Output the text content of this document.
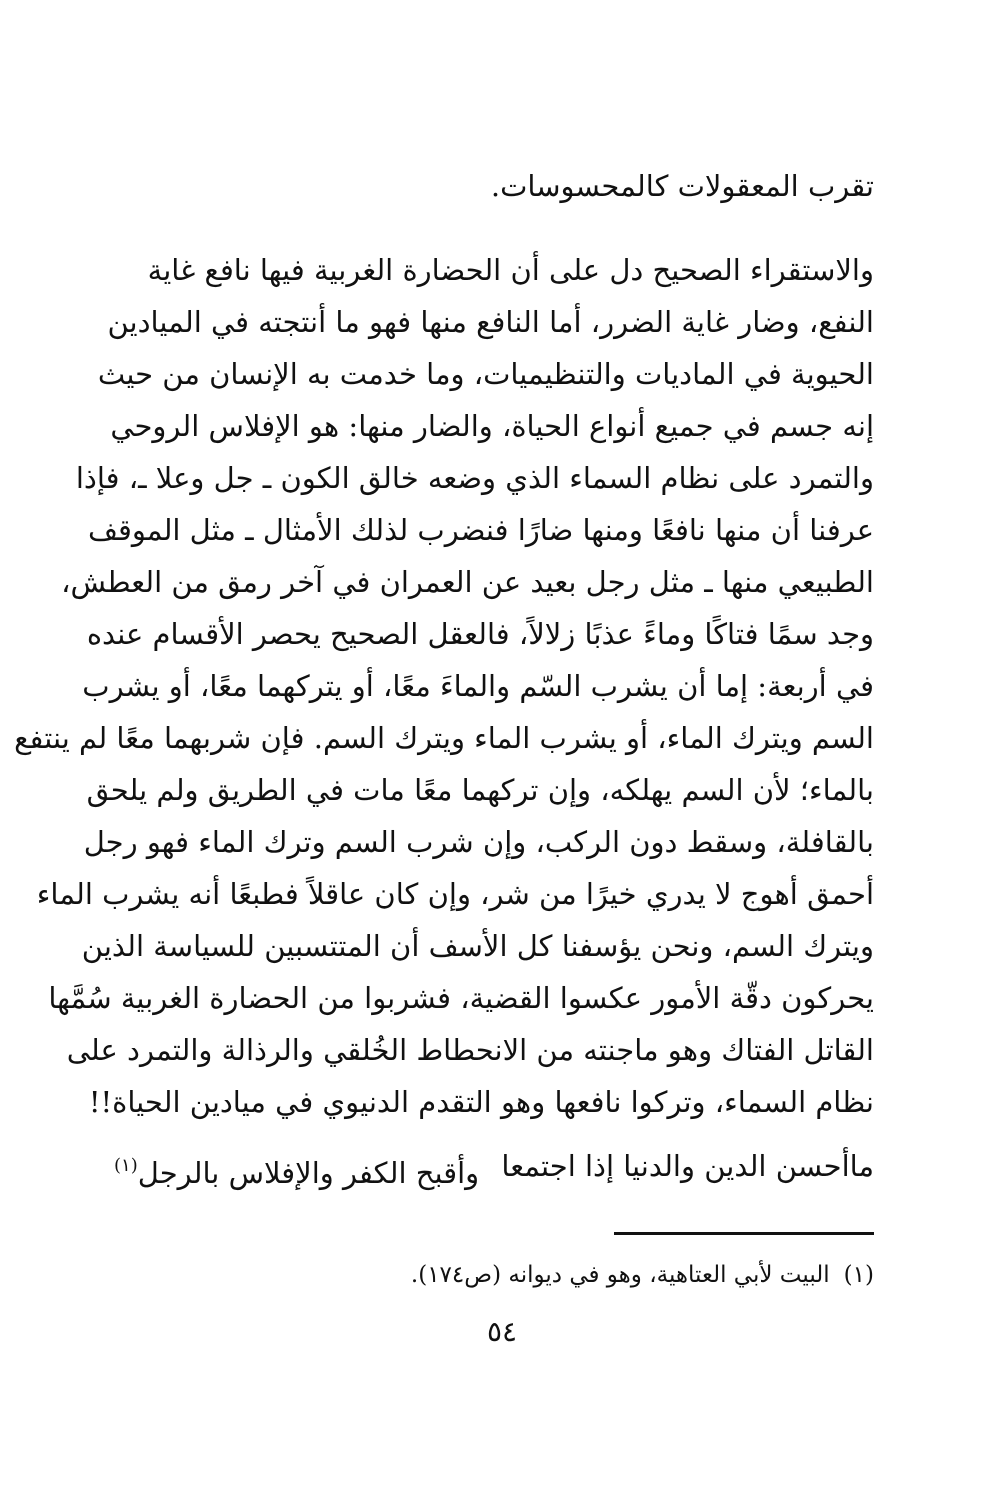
تقرب المعقولات كالمحسوسات.
والاستقراء الصحيح دل على أن الحضارة الغربية فيها نافع غاية
النفع، وضار غاية الضرر، أما النافع منها فهو ما أنتجته في الميادين
الحيوية في الماديات والتنظيميات، وما خدمت به الإنسان من حيث
إنه جسم في جميع أنواع الحياة، والضار منها: هو الإفلاس الروحي
والتمرد على نظام السماء الذي وضعه خالق الكون ـ جل وعلا ـ، فإذا
عرفنا أن منها نافعًا ومنها ضارًا فنضرب لذلك الأمثال ـ مثل الموقف
الطبيعي منها ـ مثل رجل بعيد عن العمران في آخر رمق من العطش،
وجد سمًا فتاكًا وماءً عذبًا زلالاً، فالعقل الصحيح يحصر الأقسام عنده
في أربعة: إما أن يشرب السّم والماءَ معًا، أو يتركهما معًا، أو يشرب
السم ويترك الماء، أو يشرب الماء ويترك السم. فإن شربهما معًا لم ينتفع
بالماء؛ لأن السم يهلكه، وإن تركهما معًا مات في الطريق ولم يلحق
بالقافلة، وسقط دون الركب، وإن شرب السم وترك الماء فهو رجل
أحمق أهوج لا يدري خيرًا من شر، وإن كان عاقلاً فطبعًا أنه يشرب الماء
ويترك السم، ونحن يؤسفنا كل الأسف أن المتتسبين للسياسة الذين
يحركون دقّة الأمور عكسوا القضية، فشربوا من الحضارة الغربية سُمَّها
القاتل الفتاك وهو ماجنته من الانحطاط الخُلقي والرذالة والتمرد على
نظام السماء، وتركوا نافعها وهو التقدم الدنيوي في ميادين الحياة!!
ماأحسن الدين والدنيا إذا اجتمعا
وأقبح الكفر والإفلاس بالرجل$^{(١)}$
(١)البيت لأبي العتاهية، وهو في ديوانه (ص١٧٤).
٥٤
